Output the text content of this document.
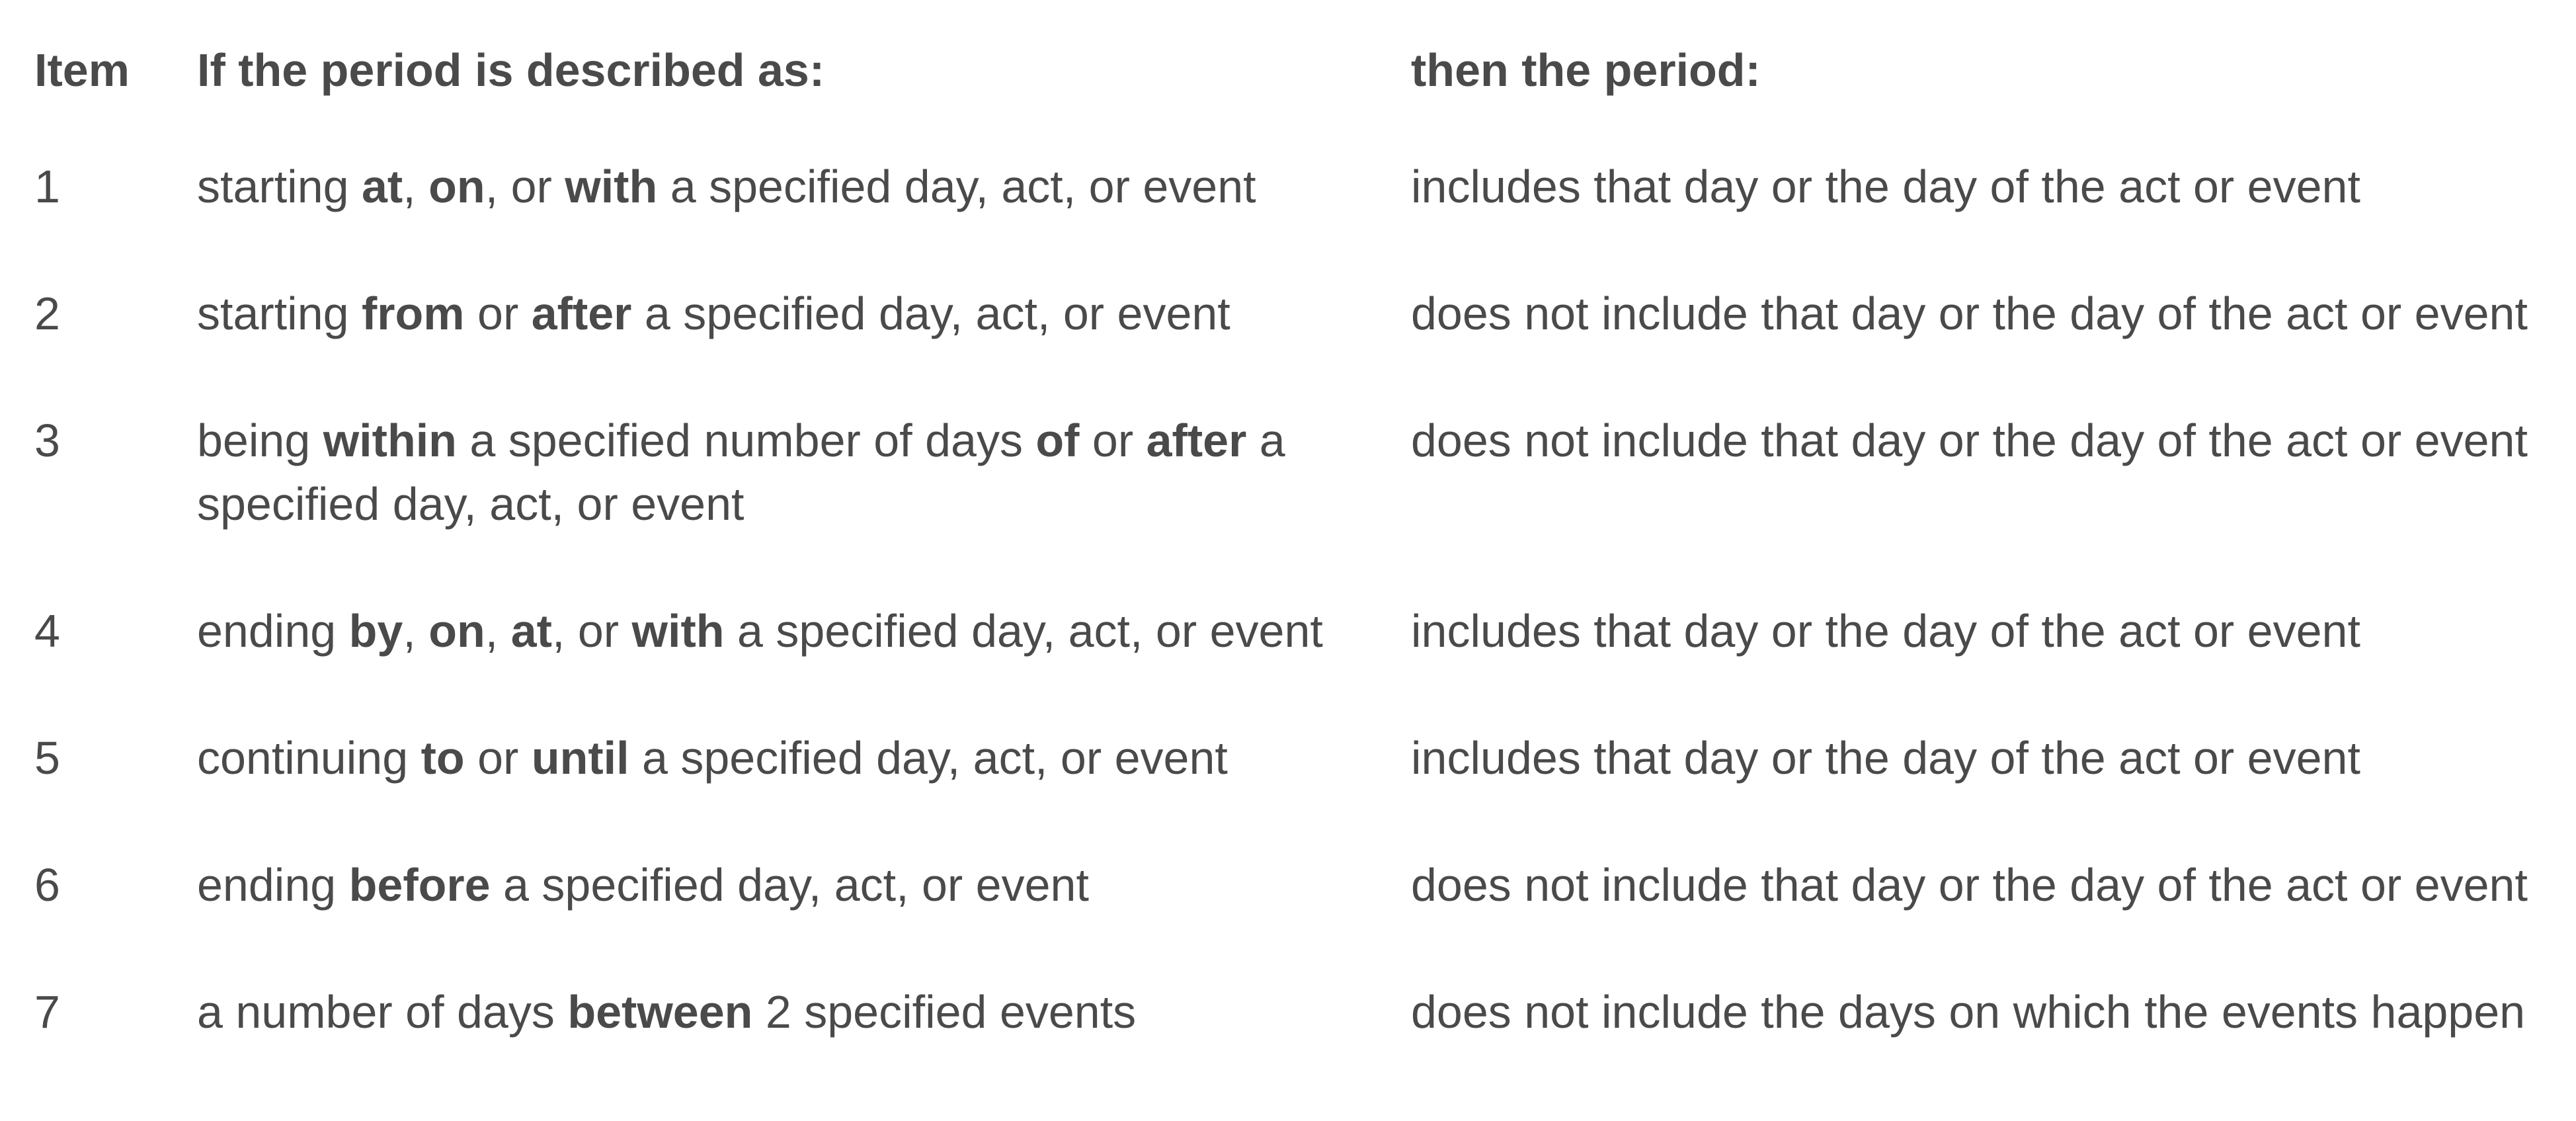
Item	If the period is described as:	then the period:
1	starting at, on, or with a specified day, act, or event	includes that day or the day of the act or event
2	starting from or after a specified day, act, or event	does not include that day or the day of the act or event
3	being within a specified number of days of or after a specified day, act, or event	does not include that day or the day of the act or event
4	ending by, on, at, or with a specified day, act, or event	includes that day or the day of the act or event
5	continuing to or until a specified day, act, or event	includes that day or the day of the act or event
6	ending before a specified day, act, or event	does not include that day or the day of the act or event
7	a number of days between 2 specified events	does not include the days on which the events happen
